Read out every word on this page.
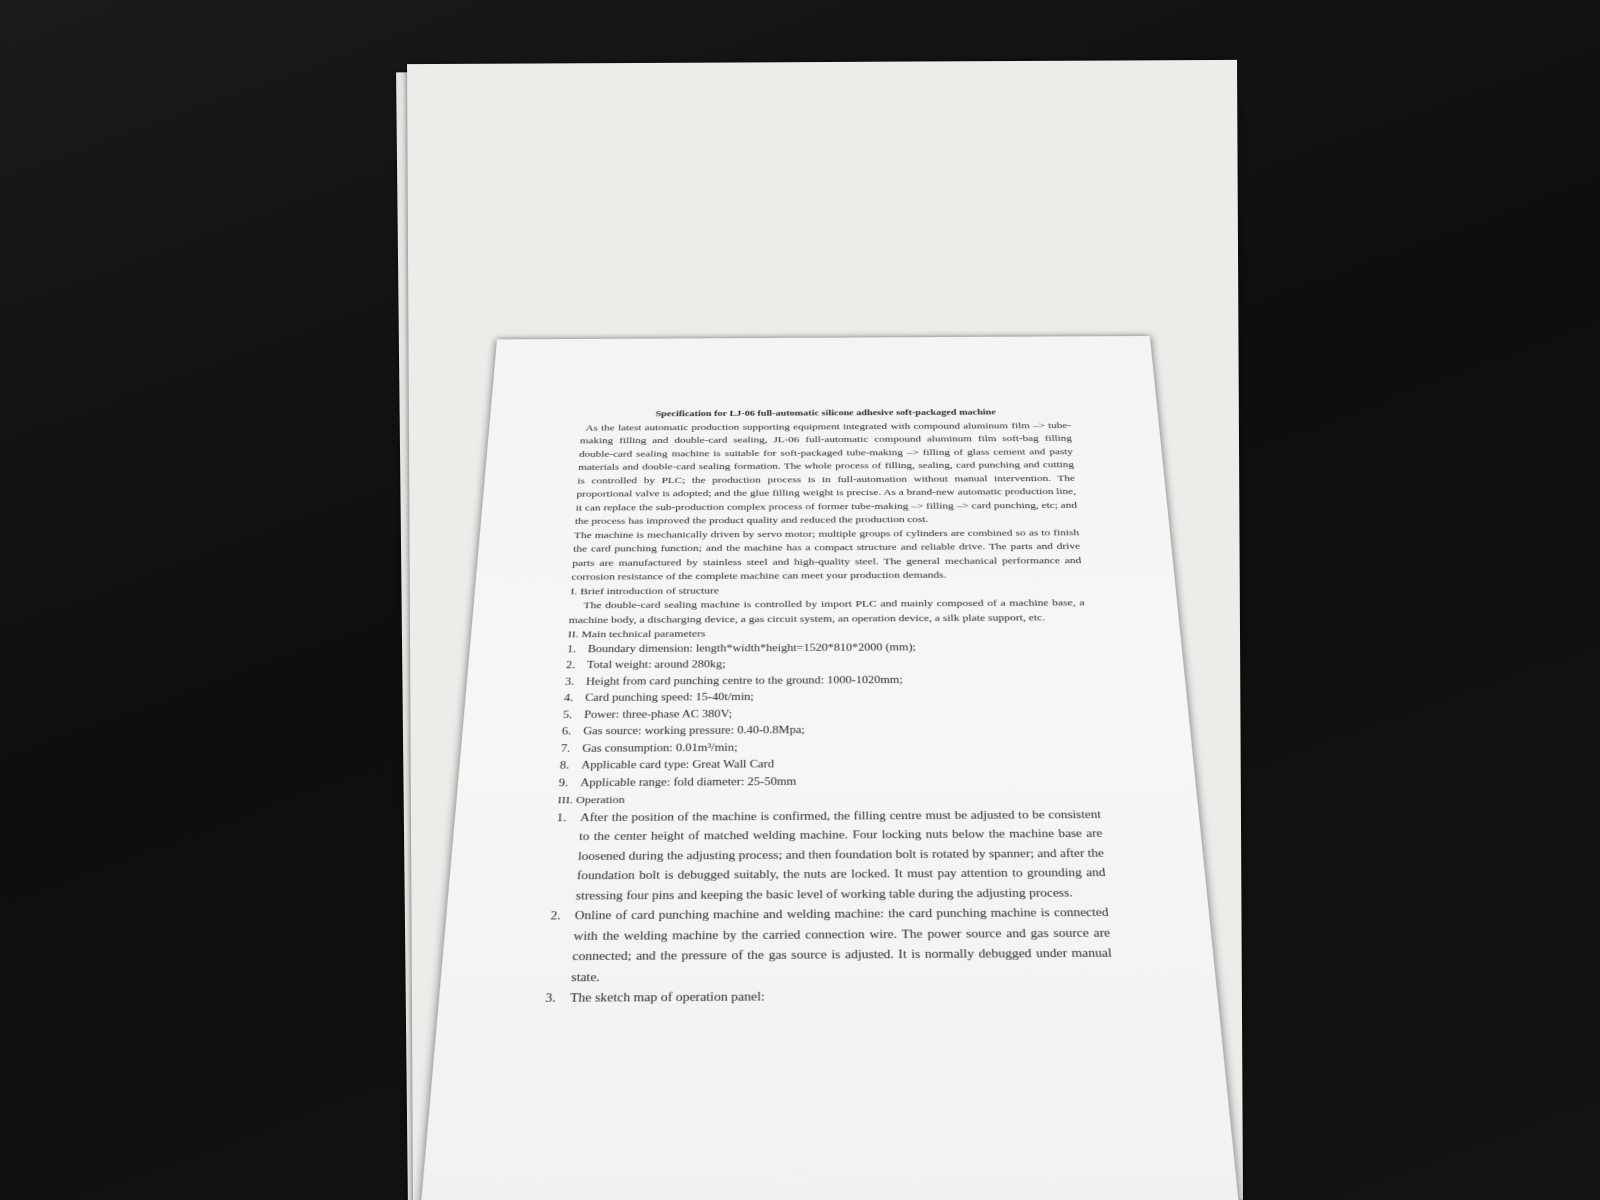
Specification for LJ-06 full-automatic silicone adhesive soft-packaged machine

As the latest automatic production supporting equipment integrated with compound aluminum film –> tube-making filling and double-card sealing, JL-06 full-automatic compound aluminum film soft-bag filling double-card sealing machine is suitable for soft-packaged tube-making –> filling of glass cement and pasty materials and double-card sealing formation. The whole process of filling, sealing, card punching and cutting is controlled by PLC; the production process is in full-automation without manual intervention. The proportional valve is adopted; and the glue filling weight is precise. As a brand-new automatic production line, it can replace the sub-production complex process of former tube-making –> filling –> card punching, etc; and the process has improved the product quality and reduced the production cost.

The machine is mechanically driven by servo motor; multiple groups of cylinders are combined so as to finish the card punching function; and the machine has a compact structure and reliable drive. The parts and drive parts are manufactured by stainless steel and high-quality steel. The general mechanical performance and corrosion resistance of the complete machine can meet your production demands.

I. Brief introduction of structure

The double-card sealing machine is controlled by import PLC and mainly composed of a machine base, a machine body, a discharging device, a gas circuit system, an operation device, a silk plate support, etc.

II. Main technical parameters

1. Boundary dimension: length*width*height=1520*810*2000 (mm);
2. Total weight: around 280kg;
3. Height from card punching centre to the ground: 1000-1020mm;
4. Card punching speed: 15-40t/min;
5. Power: three-phase AC 380V;
6. Gas source: working pressure: 0.40-0.8Mpa;
7. Gas consumption: 0.01m³/min;
8. Applicable card type: Great Wall Card
9. Applicable range: fold diameter: 25-50mm

III. Operation

1. After the position of the machine is confirmed, the filling centre must be adjusted to be consistent to the center height of matched welding machine. Four locking nuts below the machine base are loosened during the adjusting process; and then foundation bolt is rotated by spanner; and after the foundation bolt is debugged suitably, the nuts are locked. It must pay attention to grounding and stressing four pins and keeping the basic level of working table during the adjusting process.
2. Online of card punching machine and welding machine: the card punching machine is connected with the welding machine by the carried connection wire. The power source and gas source are connected; and the pressure of the gas source is adjusted. It is normally debugged under manual state.
3. The sketch map of operation panel:
